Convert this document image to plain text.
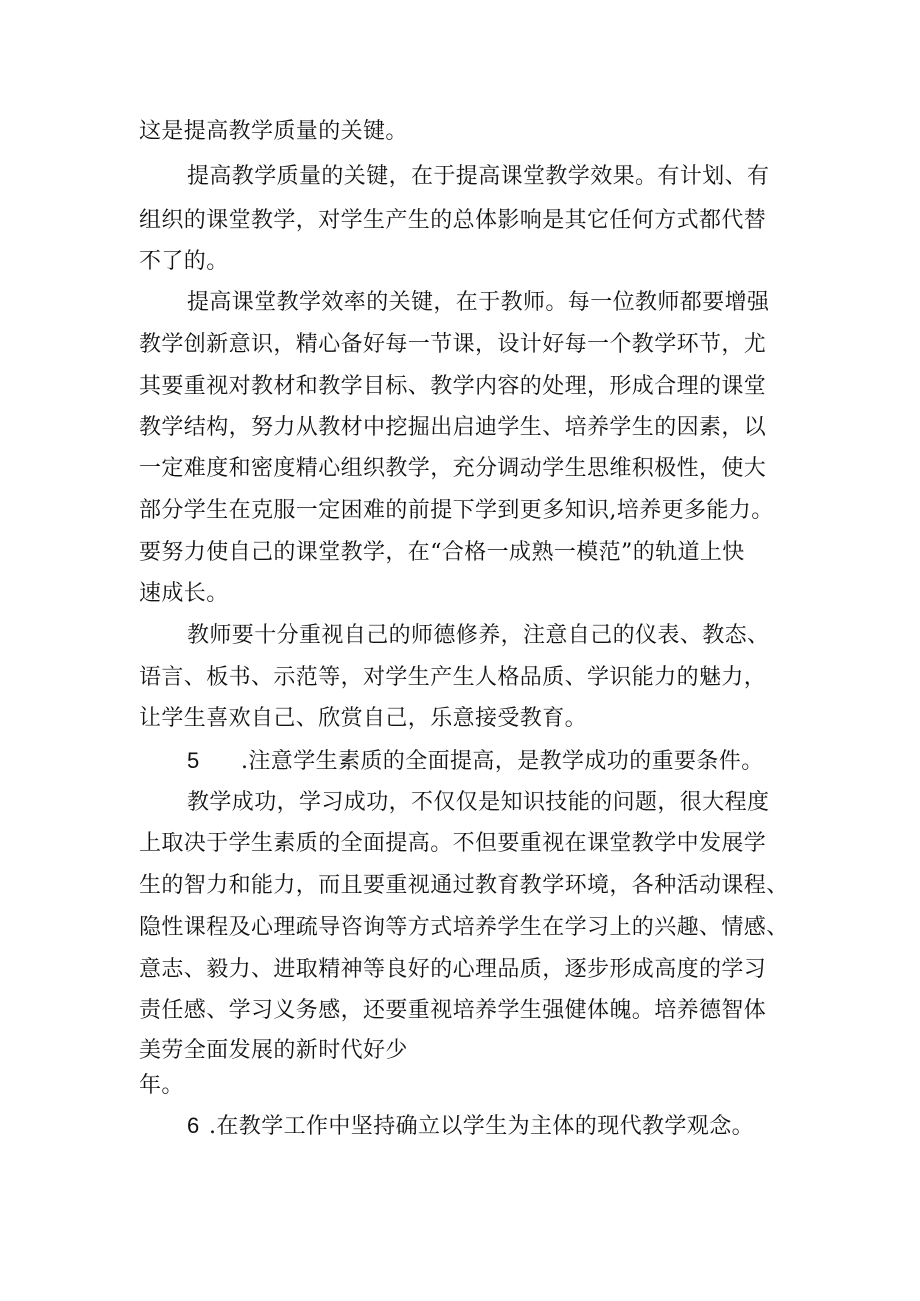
这是提高教学质量的关键。
提高教学质量的关键，在于提高课堂教学效果。有计划、有
组织的课堂教学，对学生产生的总体影响是其它任何方式都代替
不了的。
提高课堂教学效率的关键，在于教师。每一位教师都要增强
教学创新意识，精心备好每一节课，设计好每一个教学环节，尤
其要重视对教材和教学目标、教学内容的处理，形成合理的课堂
教学结构，努力从教材中挖掘出启迪学生、培养学生的因素，以
一定难度和密度精心组织教学，充分调动学生思维积极性，使大
部分学生在克服一定困难的前提下学到更多知识,培养更多能力。
要努力使自己的课堂教学，在“合格一成熟一模范”的轨道上快
速成长。
教师要十分重视自己的师德修养，注意自己的仪表、教态、
语言、板书、示范等，对学生产生人格品质、学识能力的魅力，
让学生喜欢自己、欣赏自己，乐意接受教育。
5 .注意学生素质的全面提高，是教学成功的重要条件。
教学成功，学习成功，不仅仅是知识技能的问题，很大程度
上取决于学生素质的全面提高。不但要重视在课堂教学中发展学
生的智力和能力，而且要重视通过教育教学环境，各种活动课程、
隐性课程及心理疏导咨询等方式培养学生在学习上的兴趣、情感、
意志、毅力、进取精神等良好的心理品质，逐步形成高度的学习
责任感、学习义务感，还要重视培养学生强健体魄。培养德智体
美劳全面发展的新时代好少
年。
6 .在教学工作中坚持确立以学生为主体的现代教学观念。
